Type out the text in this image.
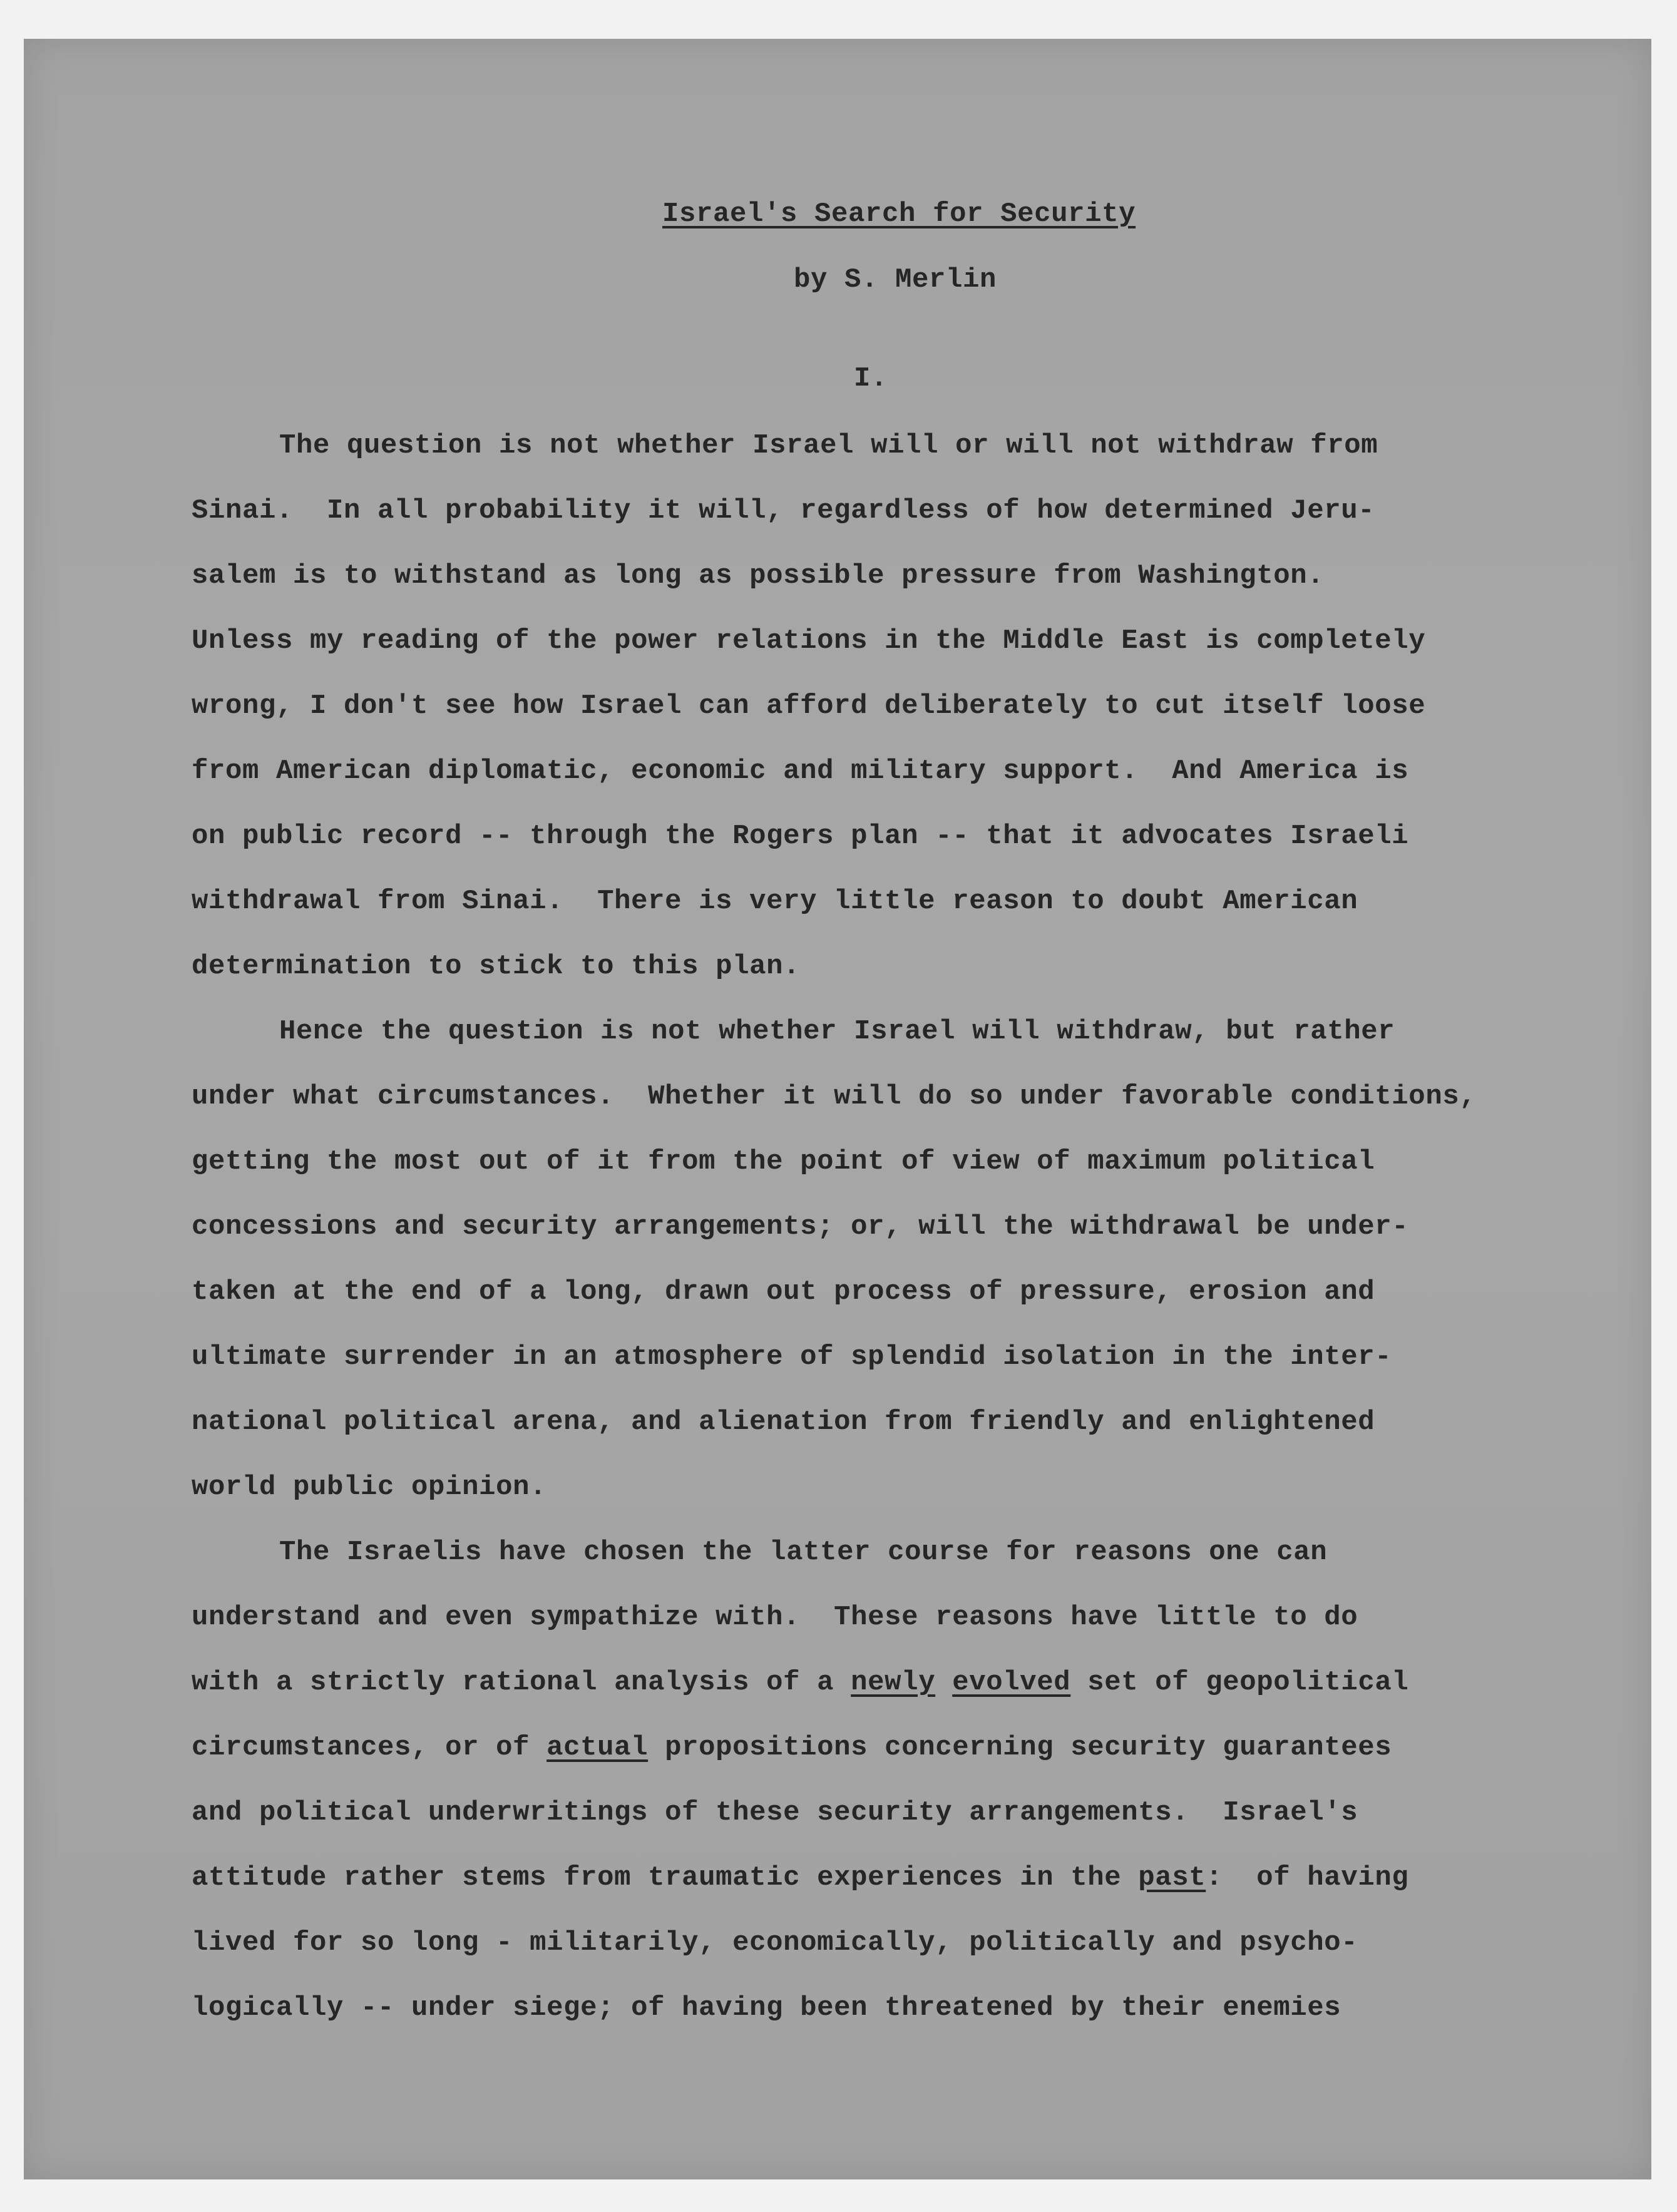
Israel's Search for Security
by S. Merlin
I.
The question is not whether Israel will or will not withdraw from
Sinai.  In all probability it will, regardless of how determined Jeru-
salem is to withstand as long as possible pressure from Washington.
Unless my reading of the power relations in the Middle East is completely
wrong, I don't see how Israel can afford deliberately to cut itself loose
from American diplomatic, economic and military support.  And America is
on public record -- through the Rogers plan -- that it advocates Israeli
withdrawal from Sinai.  There is very little reason to doubt American
determination to stick to this plan.
Hence the question is not whether Israel will withdraw, but rather
under what circumstances.  Whether it will do so under favorable conditions,
getting the most out of it from the point of view of maximum political
concessions and security arrangements; or, will the withdrawal be under-
taken at the end of a long, drawn out process of pressure, erosion and
ultimate surrender in an atmosphere of splendid isolation in the inter-
national political arena, and alienation from friendly and enlightened
world public opinion.
The Israelis have chosen the latter course for reasons one can
understand and even sympathize with.  These reasons have little to do
with a strictly rational analysis of a newly evolved set of geopolitical
circumstances, or of actual propositions concerning security guarantees
and political underwritings of these security arrangements.  Israel's
attitude rather stems from traumatic experiences in the past:  of having
lived for so long - militarily, economically, politically and psycho-
logically -- under siege; of having been threatened by their enemies
